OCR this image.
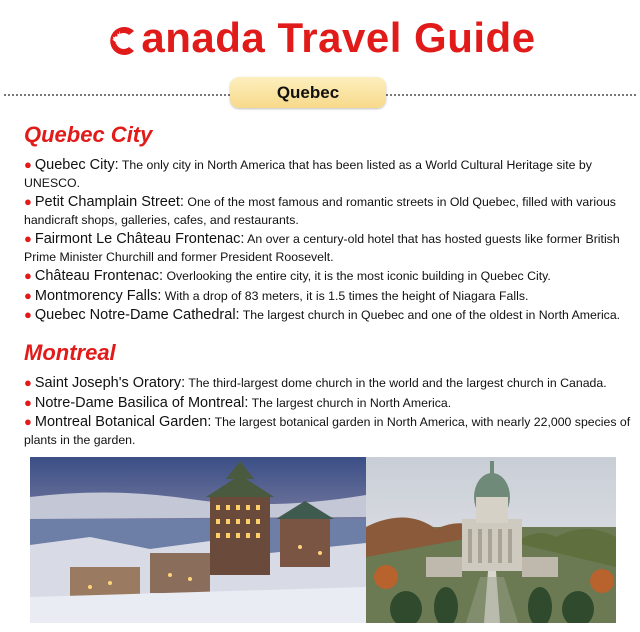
anada Travel Guide
Quebec
Quebec City
● Quebec City: The only city in North America that has been listed as a World Cultural Heritage site by UNESCO.
● Petit Champlain Street: One of the most famous and romantic streets in Old Quebec, filled with various handicraft shops, galleries, cafes, and restaurants.
● Fairmont Le Château Frontenac: An over a century-old hotel that has hosted guests like former British Prime Minister Churchill and former President Roosevelt.
● Château Frontenac: Overlooking the entire city, it is the most iconic building in Quebec City.
● Montmorency Falls: With a drop of 83 meters, it is 1.5 times the height of Niagara Falls.
● Quebec Notre-Dame Cathedral: The largest church in Quebec and one of the oldest in North America.
Montreal
● Saint Joseph's Oratory: The third-largest dome church in the world and the largest church in Canada.
● Notre-Dame Basilica of Montreal: The largest church in North America.
● Montreal Botanical Garden: The largest botanical garden in North America, with nearly 22,000 species of plants in the garden.
